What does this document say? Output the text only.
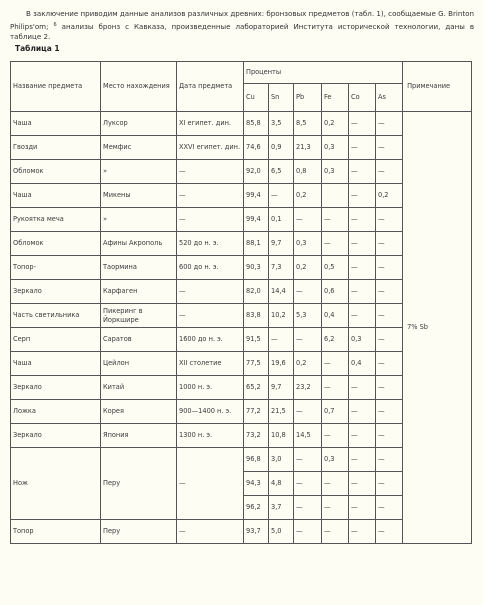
В заключение приводим данные анализов различных древних: бронзовых предметов (табл. 1), сообщаемые G. Brinton Philips'om; $^6$ анализы бронз с Кавказа, произведенные лабораторией Института исторической технологии, даны в таблице 2.

Таблица 1
Название предмета	Место нахождения	Дата предмета	Проценты						Примечание
			Cu	Sn	Pb	Fe	Co	As	
Чаша	Луксор	XI египет. дин.	85,8	3,5	8,5	0,2	—	—	7% Sb
Гвозди	Мемфис	XXVI египет. дин.	74,6	0,9	21,3	0,3	—	—	
Обломок	»	—	92,0	6,5	0,8	0,3	—	—	
Чаша	Микены	—	99,4	—	0,2		—	0,2	
Рукоятка меча	»	—	99,4	0,1	—	—	—	—	
Обломок	Афины Акрополь	520 до н. э.	88,1	9,7	0,3	—	—	—	
Топор-	Таормина	600 до н. э.	90,3	7,3	0,2	0,5	—	—	
Зеркало	Карфаген	—	82,0	14,4	—	0,6	—	—	
Часть светильника	Пикеринг в Йоркшире	—	83,8	10,2	5,3	0,4	—	—	
Серп	Саратов	1600 до н. э.	91,5	—	—	6,2	0,3	—	
Чаша	Цейлон	XII столетие	77,5	19,6	0,2	—	0,4	—	
Зеркало	Китай	1000 н. э.	65,2	9,7	23,2	—	—	—	
Ложка	Корея	900—1400 н. э.	77,2	21,5	—	0,7	—	—	
Зеркало	Япония	1300 н. э.	73,2	10,8	14,5	—	—	—	
Нож	Перу	—	96,8	3,0	—	0,3	—	—	
			94,3	4,8	—	—	—	—	
			96,2	3,7	—	—	—	—	
Топор	Перу	—	93,7	5,0	—	—	—	—	
